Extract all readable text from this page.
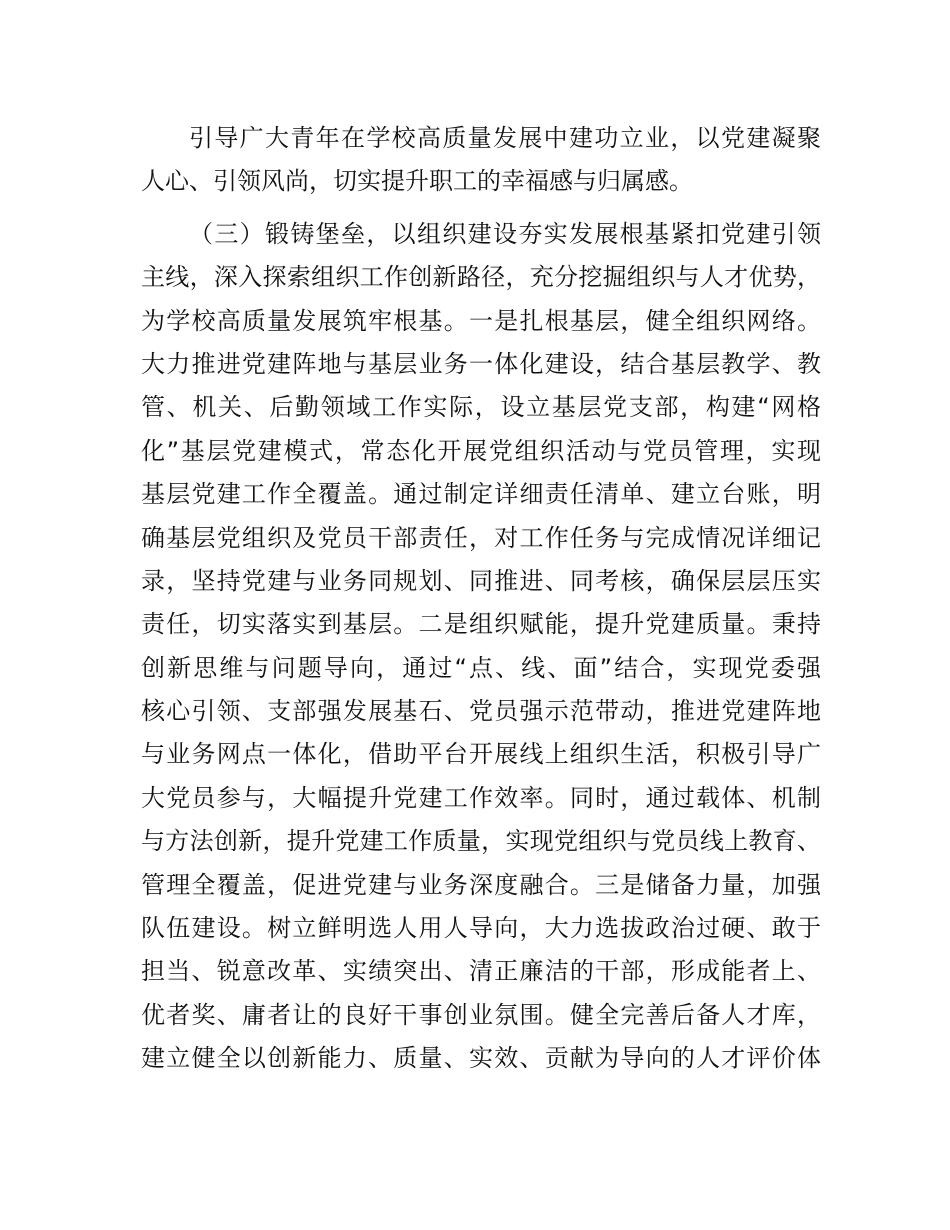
引导广大青年在学校高质量发展中建功立业，以党建凝聚
人心、引领风尚，切实提升职工的幸福感与归属感。
（三）锻铸堡垒，以组织建设夯实发展根基紧扣党建引领
主线，深入探索组织工作创新路径，充分挖掘组织与人才优势，
为学校高质量发展筑牢根基。一是扎根基层，健全组织网络。
大力推进党建阵地与基层业务一体化建设，结合基层教学、教
管、机关、后勤领域工作实际，设立基层党支部，构建“网格
化”基层党建模式，常态化开展党组织活动与党员管理，实现
基层党建工作全覆盖。通过制定详细责任清单、建立台账，明
确基层党组织及党员干部责任，对工作任务与完成情况详细记
录，坚持党建与业务同规划、同推进、同考核，确保层层压实
责任，切实落实到基层。二是组织赋能，提升党建质量。秉持
创新思维与问题导向，通过“点、线、面”结合，实现党委强
核心引领、支部强发展基石、党员强示范带动，推进党建阵地
与业务网点一体化，借助平台开展线上组织生活，积极引导广
大党员参与，大幅提升党建工作效率。同时，通过载体、机制
与方法创新，提升党建工作质量，实现党组织与党员线上教育、
管理全覆盖，促进党建与业务深度融合。三是储备力量，加强
队伍建设。树立鲜明选人用人导向，大力选拔政治过硬、敢于
担当、锐意改革、实绩突出、清正廉洁的干部，形成能者上、
优者奖、庸者让的良好干事创业氛围。健全完善后备人才库，
建立健全以创新能力、质量、实效、贡献为导向的人才评价体
